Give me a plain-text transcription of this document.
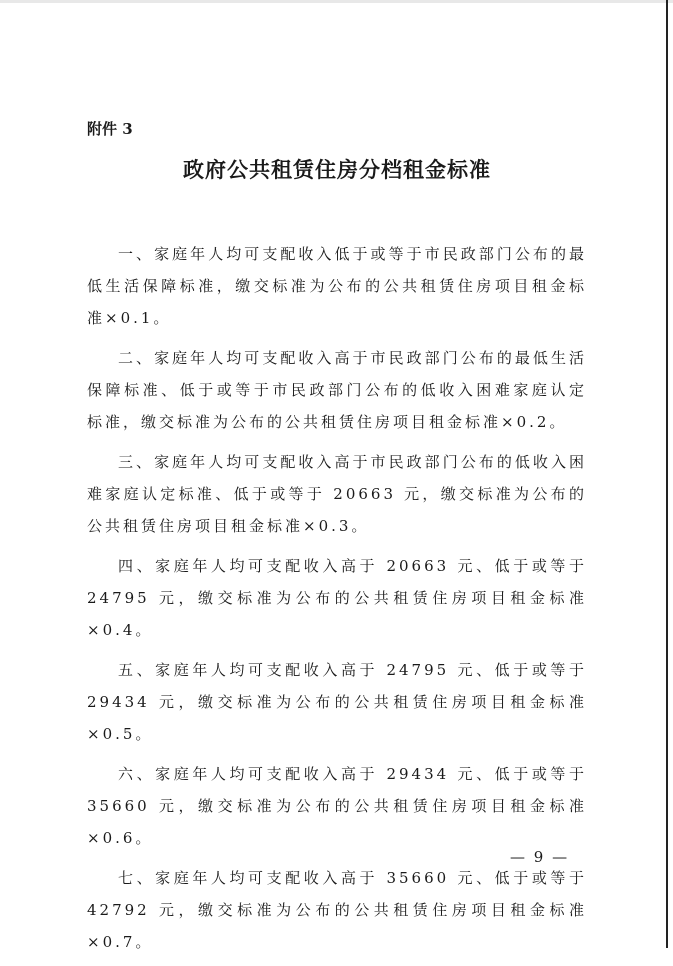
附件 3

政府公共租赁住房分档租金标准

一、家庭年人均可支配收入低于或等于市民政部门公布的最低生活保障标准，缴交标准为公布的公共租赁住房项目租金标准×0.1。

二、家庭年人均可支配收入高于市民政部门公布的最低生活保障标准、低于或等于市民政部门公布的低收入困难家庭认定标准，缴交标准为公布的公共租赁住房项目租金标准×0.2。

三、家庭年人均可支配收入高于市民政部门公布的低收入困难家庭认定标准、低于或等于 20663 元，缴交标准为公布的公共租赁住房项目租金标准×0.3。

四、家庭年人均可支配收入高于 20663 元、低于或等于 24795 元，缴交标准为公布的公共租赁住房项目租金标准×0.4。

五、家庭年人均可支配收入高于 24795 元、低于或等于 29434 元，缴交标准为公布的公共租赁住房项目租金标准×0.5。

六、家庭年人均可支配收入高于 29434 元、低于或等于 35660 元，缴交标准为公布的公共租赁住房项目租金标准×0.6。

七、家庭年人均可支配收入高于 35660 元、低于或等于 42792 元，缴交标准为公布的公共租赁住房项目租金标准×0.7。

— 9 —
